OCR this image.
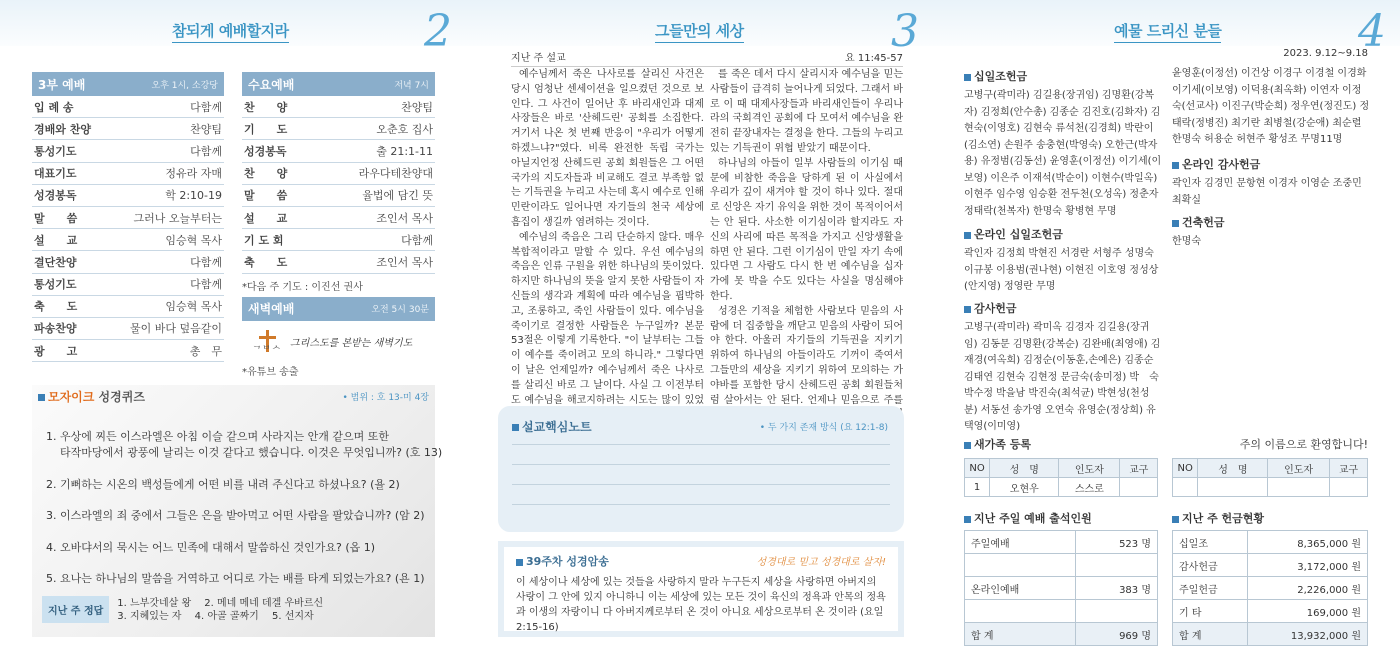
참되게 예배할지라	2
3부 예배	오후 1시, 소강당
입 례 송	다함께
경배와 찬양	찬양팀
통성기도	다함께
대표기도	정유라 자매
성경봉독	학 2:10-19
말　　씀	그러나 오늘부터는
설　　교	임승혁 목사
결단찬양	다함께
통성기도	다함께
축　　도	임승혁 목사
파송찬양	물이 바다 덮음같이
광　　고	총　무
수요예배	저녁 7시
찬　　양	찬양팀
기　　도	오춘호 집사
성경봉독	출 21:1-11
찬　　양	라우다테찬양대
말　　씀	율법에 담긴 뜻
설　　교	조인서 목사
기 도 회	다함께
축　　도	조인서 목사
*다음 주 기도 : 이진선 권사
새벽예배	오전 5시 30분
ᄀᄇᄉ
그리스도를 본받는 새벽기도
*유튜브 송출
모자이크 성경퀴즈	• 범위 : 호 13-미 4장
1. 우상에 찌든 이스라엘은 아침 이슬 같으며 사라지는 안개 같으며 또한
타작마당에서 광풍에 날리는 이것 같다고 했습니다. 이것은 무엇입니까? (호 13)
2. 기뻐하는 시온의 백성들에게 어떤 비를 내려 주신다고 하셨나요? (욜 2)
3. 이스라엘의 죄 중에서 그들은 은을 받아먹고 어떤 사람을 팔았습니까? (암 2)
4. 오바댜서의 묵시는 어느 민족에 대해서 말씀하신 것인가요? (옵 1)
5. 요나는 하나님의 말씀을 거역하고 어디로 가는 배를 타게 되었는가요? (욘 1)
지난 주 정답
1. 느부갓네살 왕　 2. 메네 메네 데겔 우바르신
3. 지혜있는 자　 4. 아골 골짜기　 5. 선지자
그들만의 세상	3
지난 주 설교	요 11:45-57
예수님께서 죽은 나사로를 살리신 사건은 당시 엄청난 센세이션을 일으켰던 것으로 보인다. 그 사건이 일어난 후 바리새인과 대제사장들은 바로 '산헤드린' 공회를 소집한다. 거기서 나온 첫 번째 반응이 "우리가 어떻게 하겠느냐?"였다. 비록 완전한 독립 국가는 아닐지언정 산헤드린 공회 회원들은 그 어떤 국가의 지도자들과 비교해도 결코 부족함 없는 기득권을 누리고 사는데 혹시 예수로 인해 민란이라도 일어나면 자기들의 천국 세상에 흠집이 생길까 염려하는 것이다.
예수님의 죽음은 그리 단순하지 않다. 매우 복합적이라고 말할 수 있다. 우선 예수님의 죽음은 인류 구원을 위한 하나님의 뜻이었다. 하지만 하나님의 뜻을 알지 못한 사람들이 자신들의 생각과 계획에 따라 예수님을 핍박하고, 조롱하고, 죽인 사람들이 있다. 예수님을 죽이기로 결정한 사람들은 누구일까? 본문 53절은 이렇게 기록한다. "이 날부터는 그들이 예수를 죽이려고 모의 하니라." 그렇다면 이 날은 언제일까? 예수님께서 죽은 나사로를 살리신 바로 그 날이다. 사실 그 이전부터도 예수님을 해코지하려는 시도는 많이 있었
를 죽은 데서 다시 살리시자 예수님을 믿는 사람들이 급격히 늘어나게 되었다. 그래서 바로 이 때 대제사장들과 바리새인들이 우리나라의 국회격인 공회에 다 모여서 예수님을 완전히 끝장내자는 결정을 한다. 그들의 누리고 있는 기득권이 위협 받았기 때문이다.
하나님의 아들이 일부 사람들의 이기심 때문에 비참한 죽음을 당하게 된 이 사실에서 우리가 깊이 새겨야 할 것이 하나 있다. 절대로 신앙은 자기 유익을 위한 것이 목적이어서는 안 된다. 사소한 이기심이라 할지라도 자신의 사리에 따른 목적을 가지고 신앙생활을 하면 안 된다. 그런 이기심이 만일 자기 속에 있다면 그 사람도 다시 한 번 예수님을 십자가에 못 박을 수도 있다는 사실을 명심해야 한다.
성경은 기적을 체험한 사람보다 믿음의 사람에 더 집중함을 깨닫고 믿음의 사람이 되어야 한다. 아울러 자기들의 기득권을 지키기 위하여 하나님의 아들이라도 기꺼이 죽여서 그들만의 세상을 지키기 위하여 모의하는 가야바를 포함한 당시 산헤드린 공회 회원들처럼 살아서는 안 된다. 언제나 믿음으로 주를
설교핵심노트	• 두 가지 존재 방식 (요 12:1-8)
39주차 성경암송	성경대로 믿고 성경대로 살자!
이 세상이나 세상에 있는 것들을 사랑하지 말라 누구든지 세상을 사랑하면 아버지의 사랑이 그 안에 있지 아니하니 이는 세상에 있는 모든 것이 육신의 정욕과 안목의 정욕과 이생의 자랑이니 다 아버지께로부터 온 것이 아니요 세상으로부터 온 것이라 (요일 2:15-16)
예물 드리신 분들	4
2023. 9.12~9.18
십일조헌금
고병구(곽미라) 김길용(장귀임) 김명환(강복자) 김정희(안수총) 김종순 김진호(김화자) 김현숙(이영호) 김현숙 류석천(김경희) 박란이(김소연) 손원주 송충현(박영숙) 오한근(박자용) 유정범(김동선) 윤영훈(이정선) 이기세(이보영) 이은주 이재석(박순이) 이현수(박일옥) 이현주 임수영 임승환 전두천(오성옥) 정춘자 정태락(천복자) 한명숙 황병현 무명
온라인 십일조헌금
곽인자 김정희 박현진 서경란 서형주 성명숙 이규봉 이용범(권나현) 이현진 이호영 정성상(안지영) 정영란 무명
감사헌금
고병구(곽미라) 곽미옥 김경자 김길용(장귀임) 김동문 김명환(강복순) 김완배(최영애) 김재경(여옥희) 김정순(이동훈,손예은) 김종순 김태연 김현숙 김현정 문금숙(송미정) 박　숙 박수정 박을남 박진숙(최석균) 박현성(천성분) 서동선 송가영 오연숙 유영순(정상희) 유택영(이미영)
윤영훈(이정선) 이건상 이경구 이경철 이경화 이기세(이보영) 이덕용(최옥화) 이연자 이정숙(선교사) 이진구(박순희) 정우연(정진도) 정태락(정병진) 최기란 최병철(강순애) 최순렬 한명숙 허용순 허현주 황성조 무명11명
온라인 감사헌금
곽인자 김경민 문항현 이경자 이영순 조중민 최확실
건축헌금
한명숙
새가족 등록	주의 이름으로 환영합니다!
NO	성　명	인도자	교구
1	오현우	스스로	
NO	성　명	인도자	교구

지난 주일 예배 출석인원
주일예배	523 명

온라인예배	383 명

합 계	969 명
지난 주 헌금현황
십일조	8,365,000 원
감사헌금	3,172,000 원
주일헌금	2,226,000 원
기 타	169,000 원
합 계	13,932,000 원
